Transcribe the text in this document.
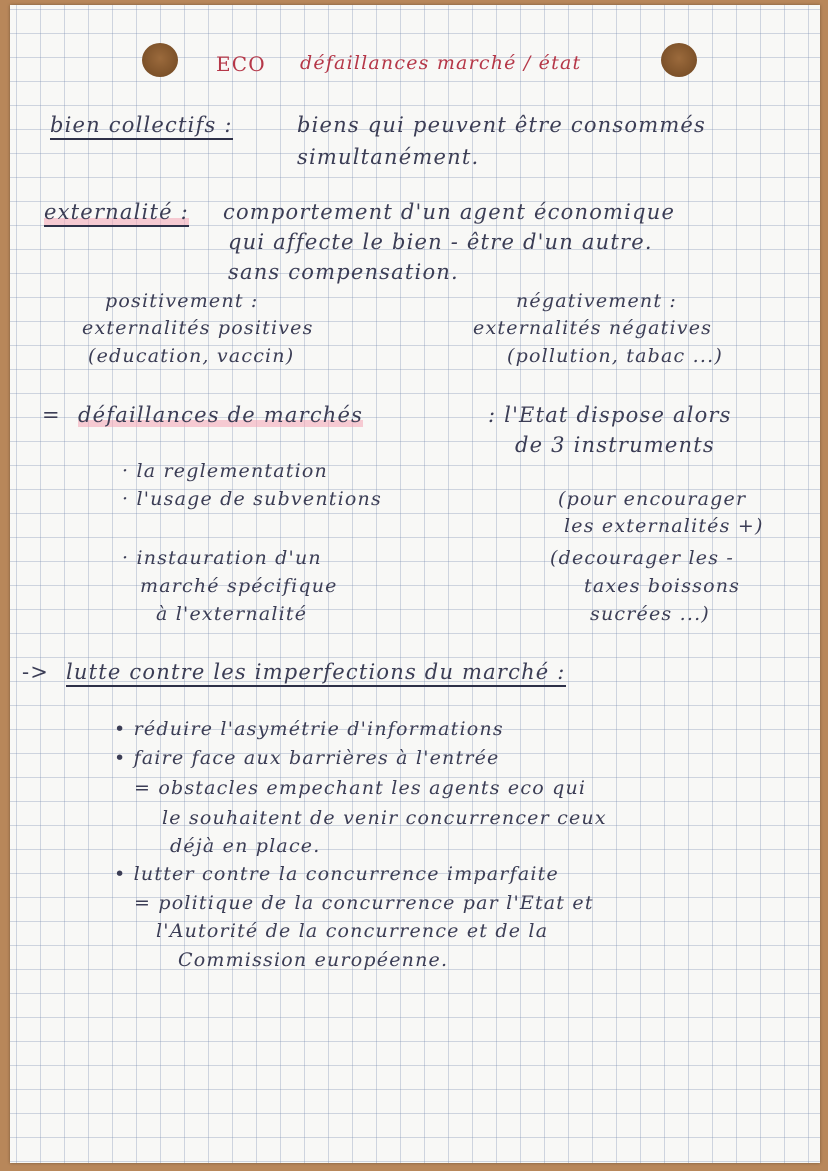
ECO défaillances marché / état
bien collectifs :	biens qui peuvent être consommés
simultanément.
externalité : comportement d'un agent économique
qui affecte le bien - être d'un autre.
sans compensation.
positivement :
externalités positives
(education, vaccin)
négativement :
externalités négatives
(pollution, tabac ...)
= défaillances de marchés	: l'Etat dispose alors
de 3 instruments
· la reglementation
· l'usage de subventions
· instauration d'un
marché spécifique
à l'externalité
(pour encourager
les externalités +)
(decourager les -
taxes boissons
sucrées ...)
-> lutte contre les imperfections du marché :
• réduire l'asymétrie d'informations
• faire face aux barrières à l'entrée
= obstacles empechant les agents eco qui
le souhaitent de venir concurrencer ceux
déjà en place.
• lutter contre la concurrence imparfaite
= politique de la concurrence par l'Etat et
l'Autorité de la concurrence et de la
Commission européenne.
